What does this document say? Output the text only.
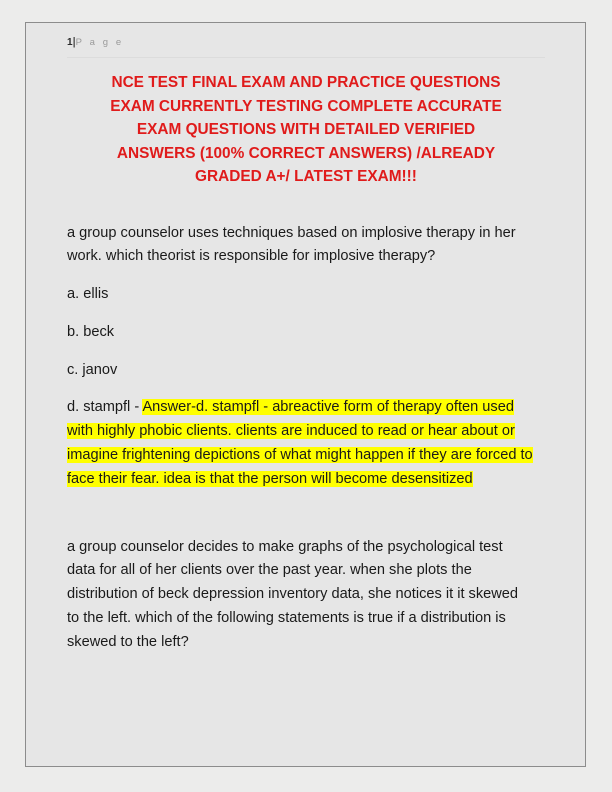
1|P a g e
NCE TEST FINAL EXAM AND PRACTICE QUESTIONS
EXAM CURRENTLY TESTING COMPLETE ACCURATE
EXAM QUESTIONS WITH DETAILED VERIFIED
ANSWERS (100% CORRECT ANSWERS) /ALREADY
GRADED A+/ LATEST EXAM!!!

a group counselor uses techniques based on implosive therapy in her work. which theorist is responsible for implosive therapy?

a. ellis

b. beck

c. janov

d. stampfl - Answer-d. stampfl - abreactive form of therapy often used with highly phobic clients. clients are induced to read or hear about or imagine frightening depictions of what might happen if they are forced to face their fear. idea is that the person will become desensitized

a group counselor decides to make graphs of the psychological test data for all of her clients over the past year. when she plots the distribution of beck depression inventory data, she notices it it skewed to the left. which of the following statements is true if a distribution is skewed to the left?
